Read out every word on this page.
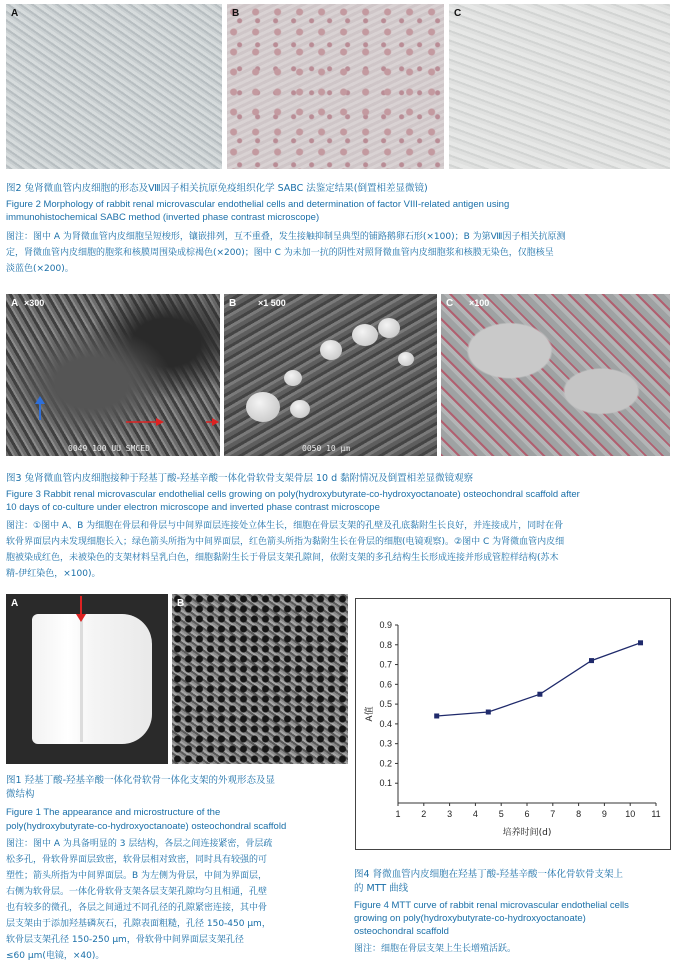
A	B	C
图2 兔肾微血管内皮细胞的形态及Ⅷ因子相关抗原免疫组织化学 SABC 法鉴定结果(倒置相差显微镜)
Figure 2 Morphology of rabbit renal microvascular endothelial cells and determination of factor VIII-related antigen using
immunohistochemical SABC method (inverted phase contrast microscope)
图注：图中 A 为肾微血管内皮细胞呈短梭形，镶嵌排列，互不重叠，发生接触抑制呈典型的铺路鹅卵石形(×100)；B 为第Ⅷ因子相关抗原测
定，肾微血管内皮细胞的胞浆和核膜周围染成棕褐色(×200)；图中 C 为未加一抗的阴性对照肾微血管内皮细胞浆和核膜无染色，仅胞核呈
淡蓝色(×200)。
A ×300
0049 100 UU SMCED
B ×1 500
0050 10 μm
C ×100
图3 兔肾微血管内皮细胞接种于羟基丁酸-羟基辛酸一体化骨软骨支架骨层 10 d 黏附情况及倒置相差显微镜观察
Figure 3 Rabbit renal microvascular endothelial cells growing on poly(hydroxybutyrate-co-hydroxyoctanoate) osteochondral scaffold after
10 days of co-culture under electron microscope and inverted phase contrast microscope
图注：①图中 A、B 为细胞在骨层和骨层与中间界面层连接处立体生长，细胞在骨层支架的孔壁及孔底黏附生长良好，并连接成片，同时在骨
软骨界面层内未发现细胞长入；绿色箭头所指为中间界面层，红色箭头所指为黏附生长在骨层的细胞(电镜观察)。②图中 C 为肾微血管内皮细
胞被染成红色，未被染色的支架材料呈乳白色，细胞黏附生长于骨层支架孔隙间，依附支架的多孔结构生长形成连接并形成管腔样结构(苏木
精-伊红染色，×100)。
A	B
图1 羟基丁酸-羟基辛酸一体化骨软骨一体化支架的外观形态及显
微结构
Figure 1 The appearance and microstructure of the
poly(hydroxybutyrate-co-hydroxyoctanoate) osteochondral scaffold
图注：图中 A 为具备明显的 3 层结构，各层之间连接紧密，骨层疏
松多孔，骨软骨界面层致密，软骨层相对致密，同时具有较强的可
塑性；箭头所指为中间界面层。B 为左侧为骨层，中间为界面层，
右侧为软骨层。一体化骨软骨支架各层支架孔隙均匀且相通，孔壁
也有较多的微孔，各层之间通过不同孔径的孔隙紧密连接，其中骨
层支架由于添加羟基磷灰石，孔隙表面粗糙，孔径 150-450 μm，
软骨层支架孔径 150-250 μm，骨软骨中间界面层支架孔径
≤60 μm(电镜，×40)。
0.1
0.2
0.3
0.4
0.5
0.6
0.7
0.8
0.9
1 2 3 4 5 6 7 8 9 10 11
培养时间(d)
A值
图4 肾微血管内皮细胞在羟基丁酸-羟基辛酸一体化骨软骨支架上
的 MTT 曲线
Figure 4 MTT curve of rabbit renal microvascular endothelial cells
growing on poly(hydroxybutyrate-co-hydroxyoctanoate)
osteochondral scaffold
图注：细胞在骨层支架上生长增殖活跃。
